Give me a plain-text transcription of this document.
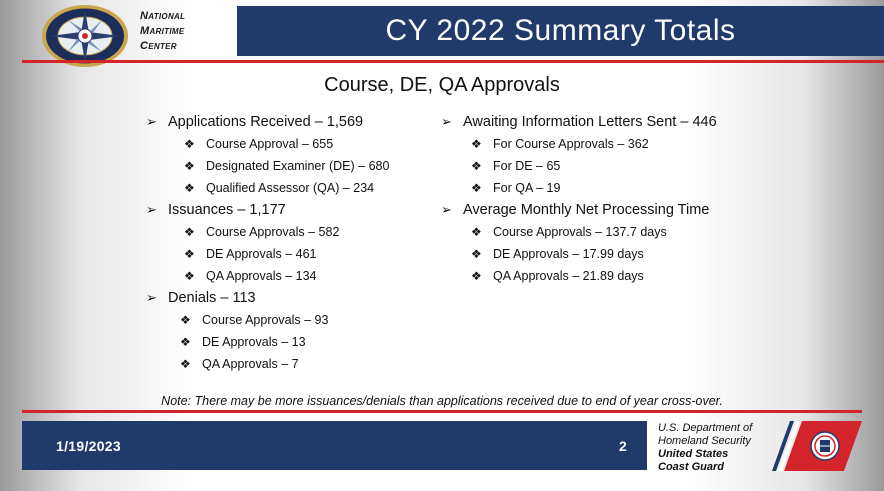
National
Maritime
Center	CY 2022 Summary Totals
Course, DE, QA Approvals
➢ Applications Received – 1,569
❖ Course Approval – 655
❖ Designated Examiner (DE) – 680
❖ Qualified Assessor (QA) – 234
➢ Issuances – 1,177
❖ Course Approvals – 582
❖ DE Approvals – 461
❖ QA Approvals – 134
➢ Denials – 113
❖ Course Approvals – 93
❖ DE Approvals – 13
❖ QA Approvals – 7
➢ Awaiting Information Letters Sent – 446
❖ For Course Approvals – 362
❖ For DE – 65
❖ For QA – 19
➢ Average Monthly Net Processing Time
❖ Course Approvals – 137.7 days
❖ DE Approvals – 17.99 days
❖ QA Approvals – 21.89 days
Note: There may be more issuances/denials than applications received due to end of year cross-over.
1/19/2023	2
U.S. Department of
Homeland Security
United States
Coast Guard
